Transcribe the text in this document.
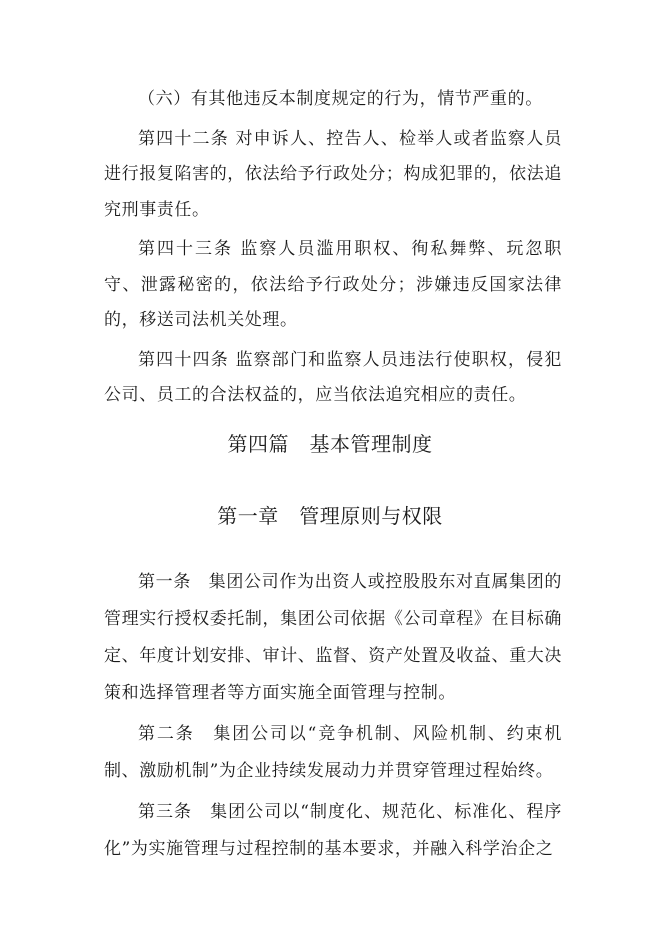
（六）有其他违反本制度规定的行为，情节严重的。

第四十二条 对申诉人、控告人、检举人或者监察人员进行报复陷害的，依法给予行政处分；构成犯罪的，依法追究刑事责任。

第四十三条 监察人员滥用职权、徇私舞弊、玩忽职守、泄露秘密的，依法给予行政处分；涉嫌违反国家法律的，移送司法机关处理。

第四十四条 监察部门和监察人员违法行使职权，侵犯公司、员工的合法权益的，应当依法追究相应的责任。

第四篇　基本管理制度
第一章　管理原则与权限

第一条　集团公司作为出资人或控股股东对直属集团的管理实行授权委托制，集团公司依据《公司章程》在目标确定、年度计划安排、审计、监督、资产处置及收益、重大决策和选择管理者等方面实施全面管理与控制。

第二条　集团公司以“竞争机制、风险机制、约束机制、激励机制”为企业持续发展动力并贯穿管理过程始终。

第三条　集团公司以“制度化、规范化、标准化、程序化”为实施管理与过程控制的基本要求，并融入科学治企之
